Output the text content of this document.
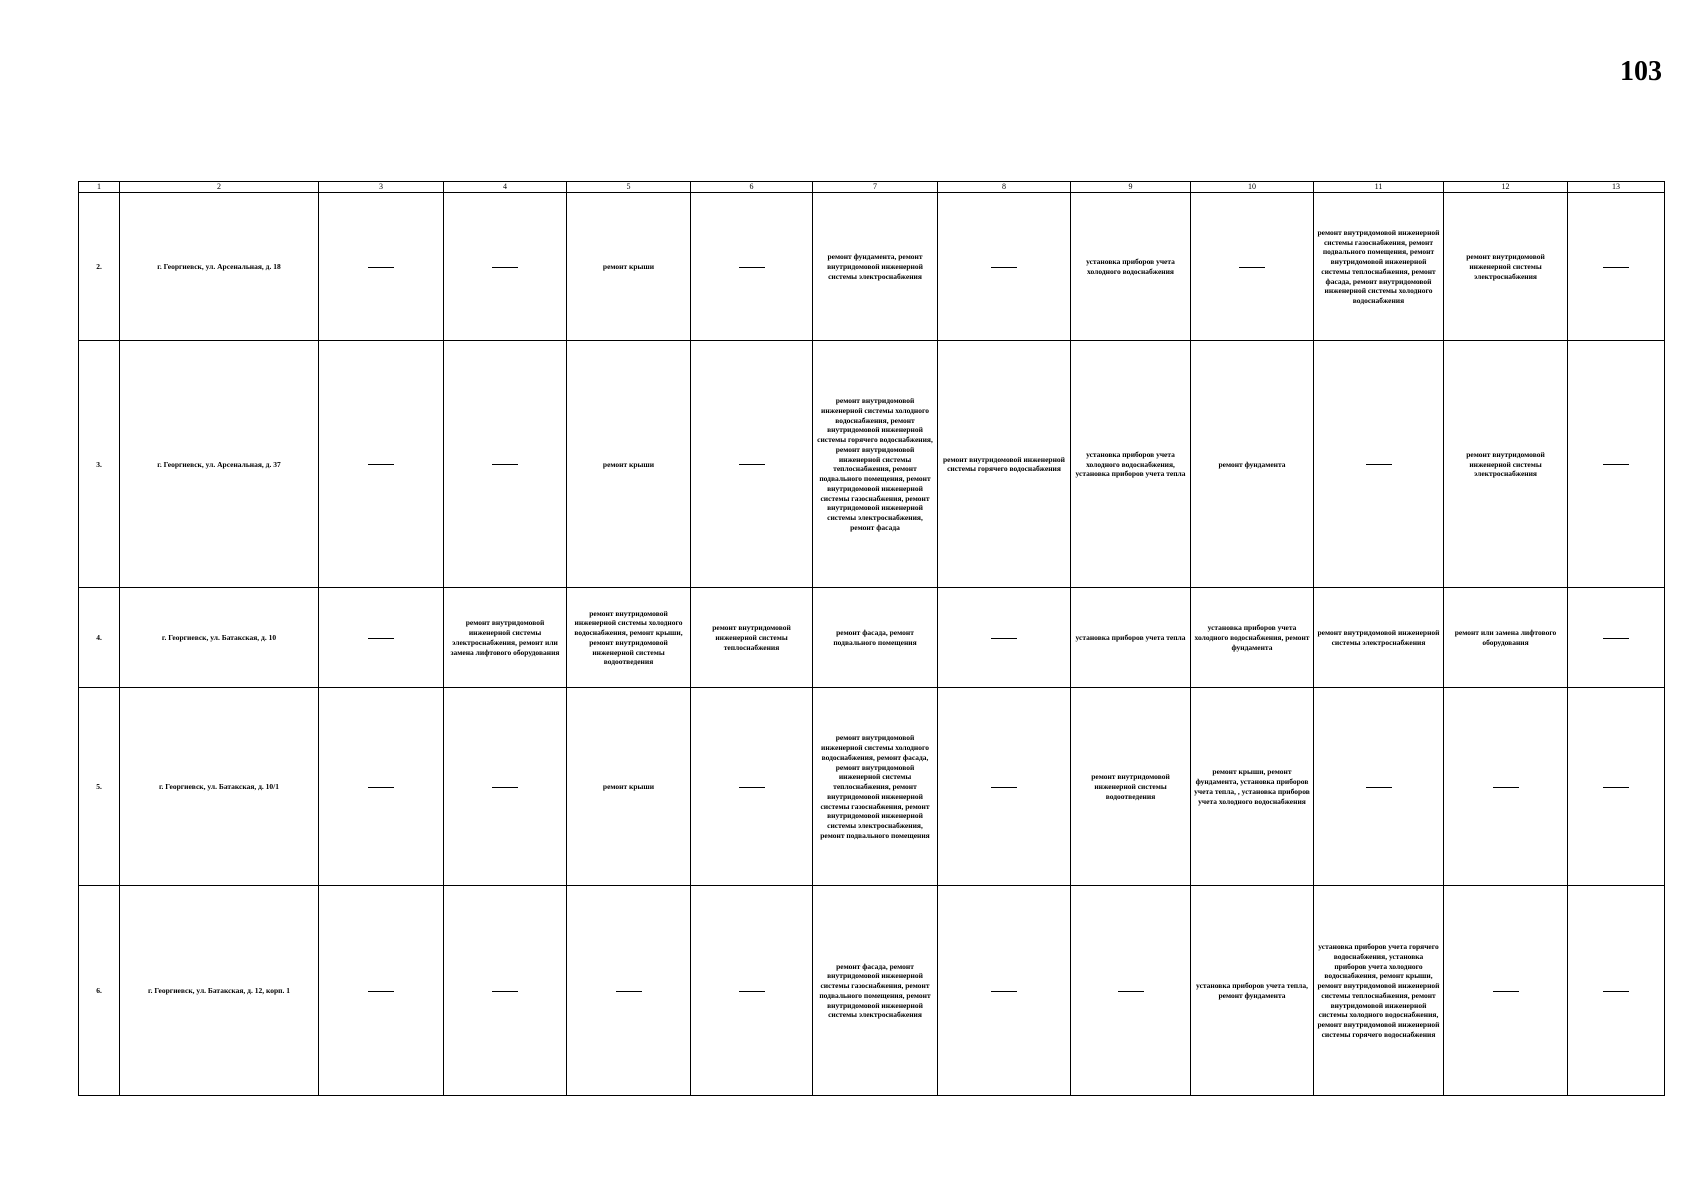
103
1	2	3	4	5	6	7	8	9	10	11	12	13
2.	г. Георгиевск, ул. Арсенальная, д. 18			ремонт крыши		ремонт фундамента, ремонт внутридомовой инженерной системы электроснабжения		установка приборов учета холодного водоснабжения		ремонт внутридомовой инженерной системы газоснабжения, ремонт подвального помещения, ремонт внутридомовой инженерной системы теплоснабжения, ремонт фасада, ремонт внутридомовой инженерной системы холодного водоснабжения	ремонт внутридомовой инженерной системы электроснабжения	
3.	г. Георгиевск, ул. Арсенальная, д. 37			ремонт крыши		ремонт внутридомовой инженерной системы холодного водоснабжения, ремонт внутридомовой инженерной системы горячего водоснабжения, ремонт внутридомовой инженерной системы теплоснабжения, ремонт подвального помещения, ремонт внутридомовой инженерной системы газоснабжения, ремонт внутридомовой инженерной системы электроснабжения, ремонт фасада	ремонт внутридомовой инженерной системы горячего водоснабжения	установка приборов учета холодного водоснабжения, установка приборов учета тепла	ремонт фундамента		ремонт внутридомовой инженерной системы электроснабжения	
4.	г. Георгиевск, ул. Батакская, д. 10		ремонт внутридомовой инженерной системы электроснабжения, ремонт или замена лифтового оборудования	ремонт внутридомовой инженерной системы холодного водоснабжения, ремонт крыши, ремонт внутридомовой инженерной системы водоотведения	ремонт внутридомовой инженерной системы теплоснабжения	ремонт фасада, ремонт подвального помещения		установка приборов учета тепла	установка приборов учета холодного водоснабжения, ремонт фундамента	ремонт внутридомовой инженерной системы электроснабжения	ремонт или замена лифтового оборудования	
5.	г. Георгиевск, ул. Батакская, д. 10/1			ремонт крыши		ремонт внутридомовой инженерной системы холодного водоснабжения, ремонт фасада, ремонт внутридомовой инженерной системы теплоснабжения, ремонт внутридомовой инженерной системы газоснабжения, ремонт внутридомовой инженерной системы электроснабжения, ремонт подвального помещения		ремонт внутридомовой инженерной системы водоотведения	ремонт крыши, ремонт фундамента, установка приборов учета тепла, , установка приборов учета холодного водоснабжения			
6.	г. Георгиевск, ул. Батакская, д. 12, корп. 1					ремонт фасада, ремонт внутридомовой инженерной системы газоснабжения, ремонт подвального помещения, ремонт внутридомовой инженерной системы электроснабжения			установка приборов учета тепла, ремонт фундамента	установка приборов учета горячего водоснабжения, установка приборов учета холодного водоснабжения, ремонт крыши, ремонт внутридомовой инженерной системы теплоснабжения, ремонт внутридомовой инженерной системы холодного водоснабжения, ремонт внутридомовой инженерной системы горячего водоснабжения		
